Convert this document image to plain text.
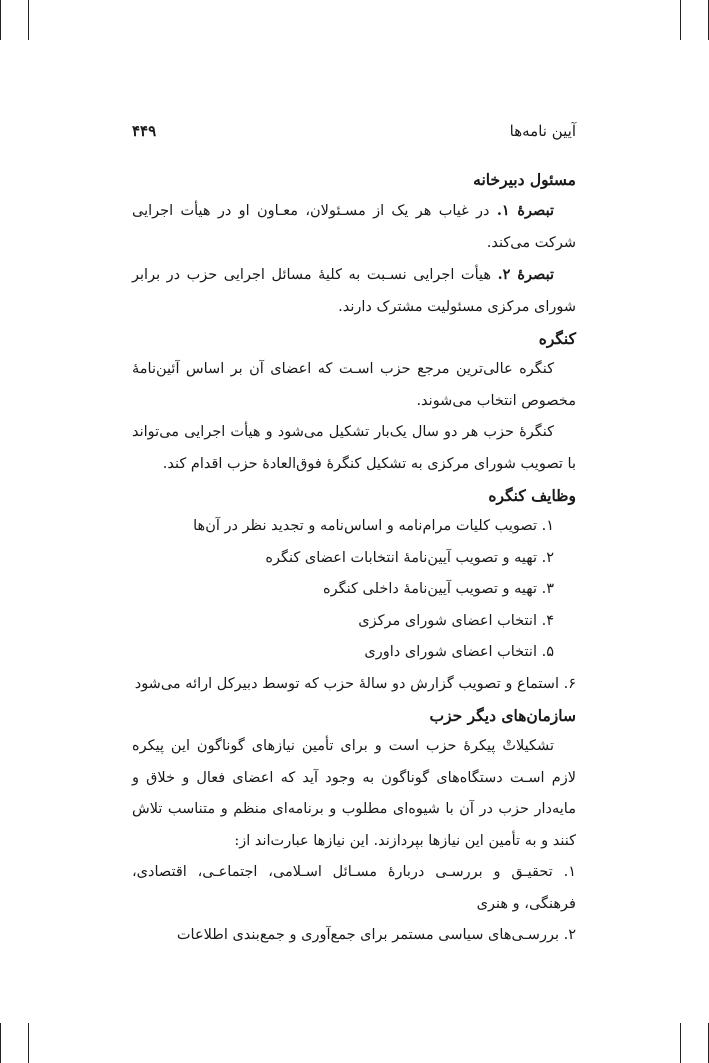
آیین نامه‌ها
۴۴۹

مسئول دبیرخانه

تبصرهٔ ۱. در غیاب هر یک از مسـئولان، معـاون او در هیأت اجرایی شرکت می‌کند.

تبصرهٔ ۲. هیأت اجرایی نسـبت به کلیهٔ مسائل اجرایی حزب در برابر شورای مرکزی مسئولیت مشترک دارند.

کنگره

کنگره عالی‌ترین مرجع حزب اسـت که اعضای آن بر اساس آئین‌نامهٔ مخصوص انتخاب می‌شوند.

کنگرهٔ حزب هر دو سال یک‌بار تشکیل می‌شود و هیأت اجرایی می‌تواند با تصویب شورای مرکزی به تشکیل کنگرهٔ فوق‌العادهٔ حزب اقدام کند.

وظایف کنگره

۱. تصویب کلیات مرام‌نامه و اساس‌نامه و تجدید نظر در آن‌ها

۲. تهیه و تصویب آیین‌نامهٔ انتخابات اعضای کنگره

۳. تهیه و تصویب آیین‌نامهٔ داخلی کنگره

۴. انتخاب اعضای شورای مرکزی

۵. انتخاب اعضای شورای داوری

۶. استماع و تصویب گزارش دو سالهٔ حزب که توسط دبیرکل ارائه می‌شود

سازمان‌های دیگر حزب

تشکیلاتْ پیکرهٔ حزب است و برای تأمین نیازهای گوناگون این پیکره لازم اسـت دستگاه‌های گوناگون به وجود آید که اعضای فعال و خلاق و مایه‌دار حزب در آن با شیوه‌ای مطلوب و برنامه‌ای منظم و متناسب تلاش کنند و به تأمین این نیازها بپردازند. این نیازها عبارت‌اند از:

۱. تحقیـق و بررسـی دربارهٔ مسـائل اسـلامی، اجتماعـی، اقتصادی، فرهنگی، و هنری

۲. بررسـی‌های سیاسی مستمر برای جمع‌آوری و جمع‌بندی اطلاعات
